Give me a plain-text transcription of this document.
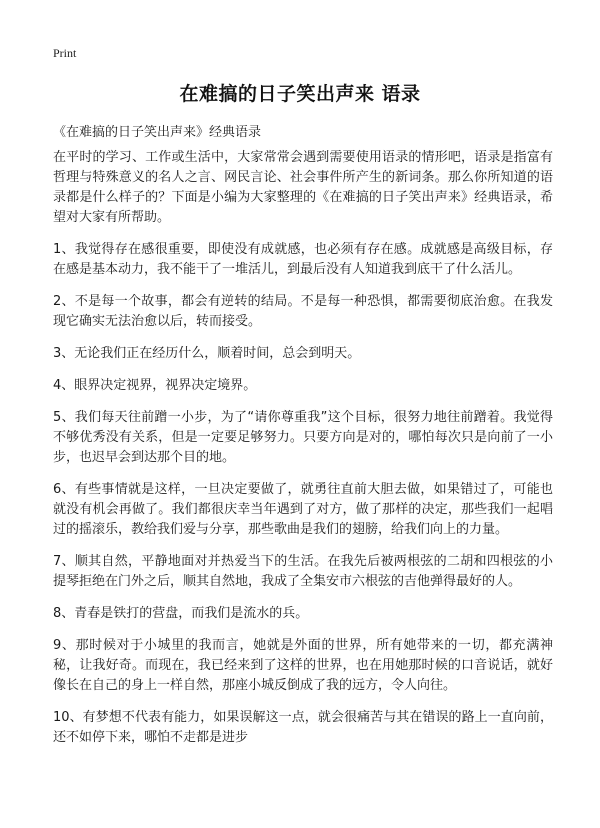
Print
在难搞的日子笑出声来 语录
《在难搞的日子笑出声来》经典语录

在平时的学习、工作或生活中，大家常常会遇到需要使用语录的情形吧，语录是指富有哲理与特殊意义的名人之言、网民言论、社会事件所产生的新词条。那么你所知道的语录都是什么样子的？下面是小编为大家整理的《在难搞的日子笑出声来》经典语录，希望对大家有所帮助。

1、我觉得存在感很重要，即使没有成就感，也必须有存在感。成就感是高级目标，存在感是基本动力，我不能干了一堆活儿，到最后没有人知道我到底干了什么活儿。

2、不是每一个故事，都会有逆转的结局。不是每一种恐惧，都需要彻底治愈。在我发现它确实无法治愈以后，转而接受。

3、无论我们正在经历什么，顺着时间，总会到明天。

4、眼界决定视界，视界决定境界。

5、我们每天往前蹭一小步，为了“请你尊重我”这个目标，很努力地往前蹭着。我觉得不够优秀没有关系，但是一定要足够努力。只要方向是对的，哪怕每次只是向前了一小步，也迟早会到达那个目的地。

6、有些事情就是这样，一旦决定要做了，就勇往直前大胆去做，如果错过了，可能也就没有机会再做了。我们都很庆幸当年遇到了对方，做了那样的决定，那些我们一起唱过的摇滚乐，教给我们爱与分享，那些歌曲是我们的翅膀，给我们向上的力量。

7、顺其自然，平静地面对并热爱当下的生活。在我先后被两根弦的二胡和四根弦的小提琴拒绝在门外之后，顺其自然地，我成了全集安市六根弦的吉他弹得最好的人。

8、青春是铁打的营盘，而我们是流水的兵。

9、那时候对于小城里的我而言，她就是外面的世界，所有她带来的一切，都充满神秘，让我好奇。而现在，我已经来到了这样的世界，也在用她那时候的口音说话，就好像长在自己的身上一样自然，那座小城反倒成了我的远方，令人向往。

10、有梦想不代表有能力，如果误解这一点，就会很痛苦与其在错误的路上一直向前，还不如停下来，哪怕不走都是进步
